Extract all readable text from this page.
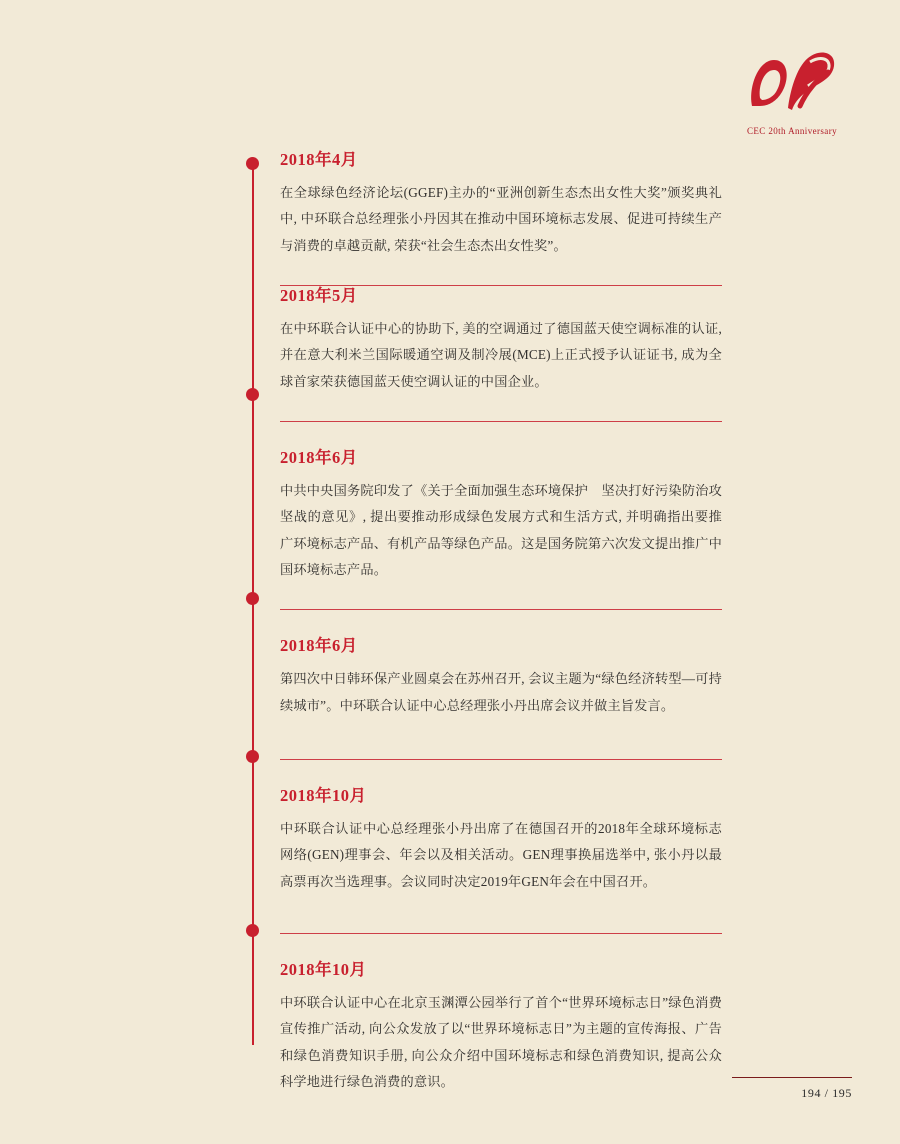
CEC 20th Anniversary
2018年4月

在全球绿色经济论坛(GGEF)主办的“亚洲创新生态杰出女性大奖”颁奖典礼中, 中环联合总经理张小丹因其在推动中国环境标志发展、促进可持续生产与消费的卓越贡献, 荣获“社会生态杰出女性奖”。

2018年5月

在中环联合认证中心的协助下, 美的空调通过了德国蓝天使空调标准的认证, 并在意大利米兰国际暖通空调及制冷展(MCE)上正式授予认证证书, 成为全球首家荣获德国蓝天使空调认证的中国企业。

2018年6月

中共中央国务院印发了《关于全面加强生态环境保护　坚决打好污染防治攻坚战的意见》, 提出要推动形成绿色发展方式和生活方式, 并明确指出要推广环境标志产品、有机产品等绿色产品。这是国务院第六次发文提出推广中国环境标志产品。

2018年6月

第四次中日韩环保产业圆桌会在苏州召开, 会议主题为“绿色经济转型—可持续城市”。中环联合认证中心总经理张小丹出席会议并做主旨发言。

2018年10月

中环联合认证中心总经理张小丹出席了在德国召开的2018年全球环境标志网络(GEN)理事会、年会以及相关活动。GEN理事换届选举中, 张小丹以最高票再次当选理事。会议同时决定2019年GEN年会在中国召开。

2018年10月

中环联合认证中心在北京玉渊潭公园举行了首个“世界环境标志日”绿色消费宣传推广活动, 向公众发放了以“世界环境标志日”为主题的宣传海报、广告和绿色消费知识手册, 向公众介绍中国环境标志和绿色消费知识, 提高公众科学地进行绿色消费的意识。

194 / 195
